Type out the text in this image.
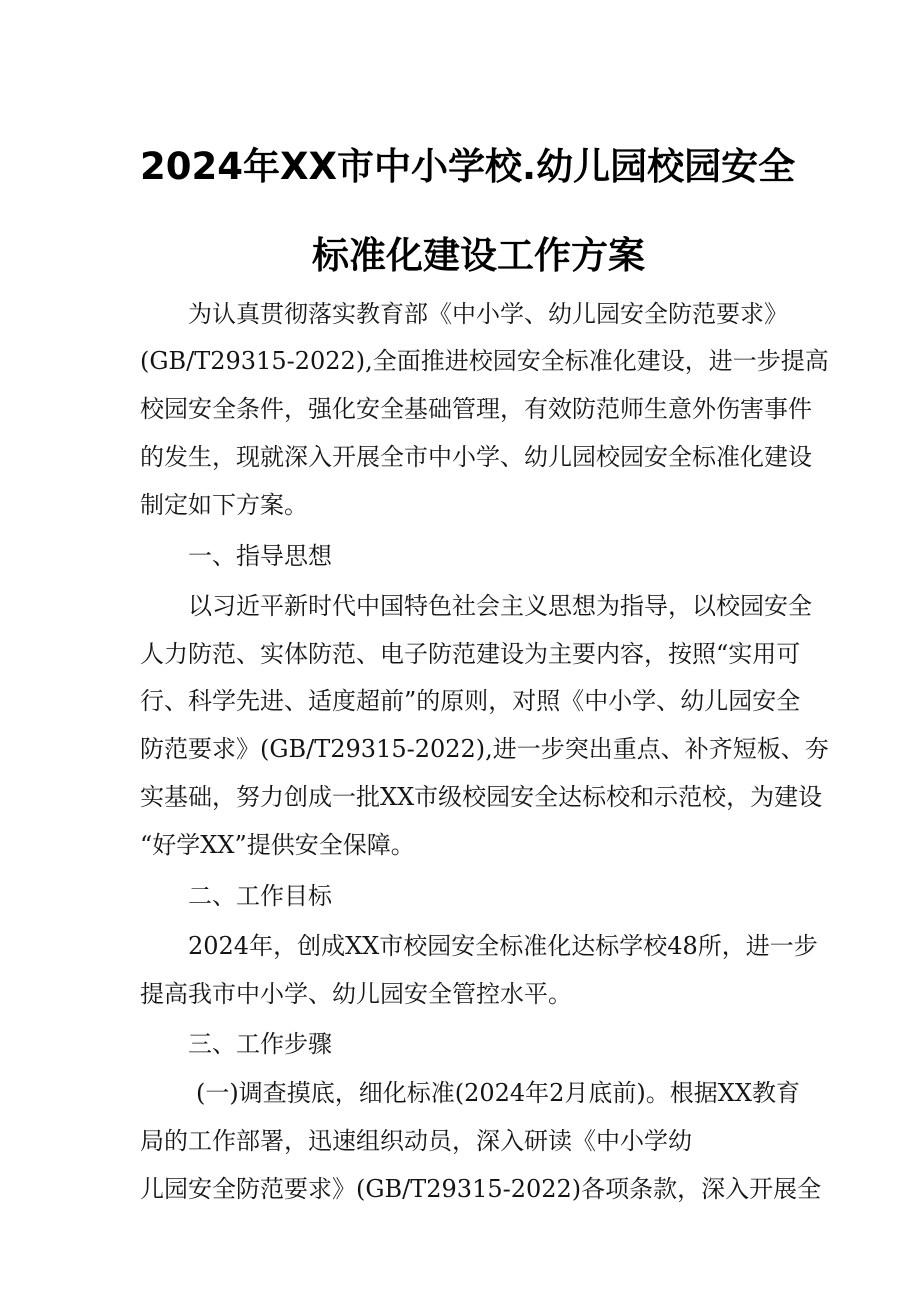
2024年XX市中小学校.幼儿园校园安全
标准化建设工作方案
为认真贯彻落实教育部《中小学、幼儿园安全防范要求》
(GB/T29315-2022),全面推进校园安全标准化建设，进一步提高
校园安全条件，强化安全基础管理，有效防范师生意外伤害事件
的发生，现就深入开展全市中小学、幼儿园校园安全标准化建设
制定如下方案。
一、指导思想
以习近平新时代中国特色社会主义思想为指导，以校园安全
人力防范、实体防范、电子防范建设为主要内容，按照“实用可
行、科学先进、适度超前”的原则，对照《中小学、幼儿园安全
防范要求》(GB/T29315-2022),进一步突出重点、补齐短板、夯
实基础，努力创成一批XX市级校园安全达标校和示范校，为建设
“好学XX”提供安全保障。
二、工作目标
2024年，创成XX市校园安全标准化达标学校48所，进一步
提高我市中小学、幼儿园安全管控水平。
三、工作步骤
(一)调查摸底，细化标准(2024年2月底前)。根据XX教育
局的工作部署，迅速组织动员，深入研读《中小学幼
儿园安全防范要求》(GB/T29315-2022)各项条款，深入开展全
